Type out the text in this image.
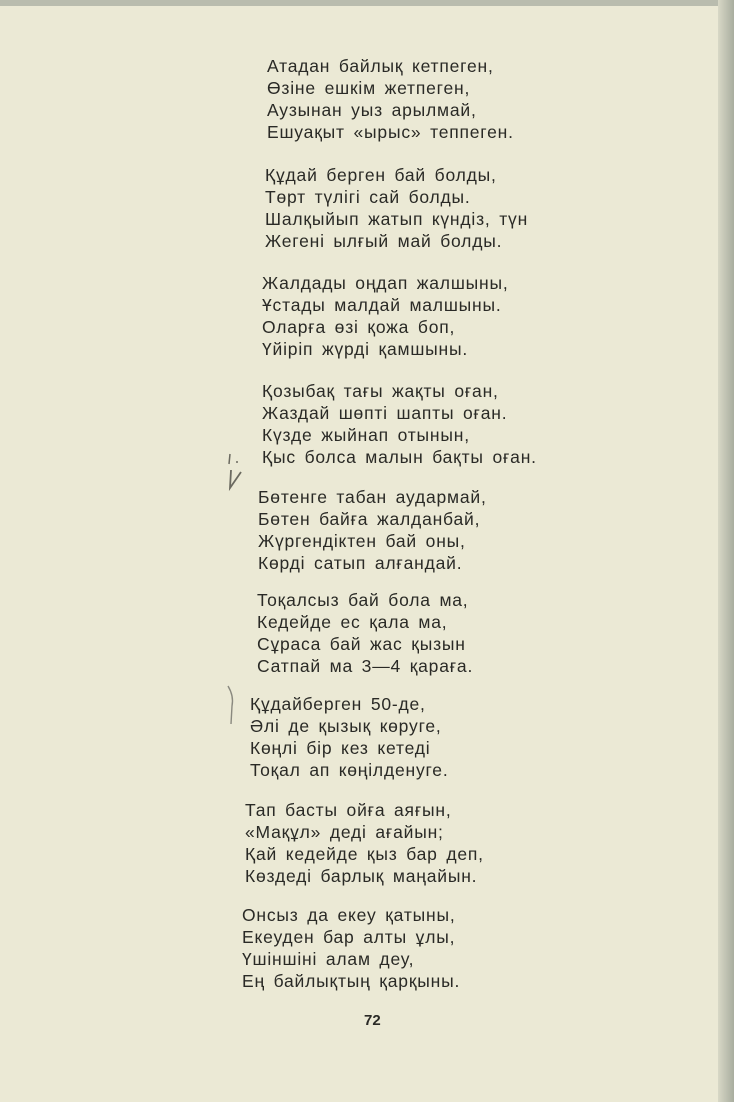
Атадан байлық кетпеген,
Өзіне ешкім жетпеген,
Аузынан уыз арылмай,
Ешуақыт «ырыс» теппеген.
Құдай берген бай болды,
Төрт түлігі сай болды.
Шалқыйып жатып күндіз, түн
Жегені ылғый май болды.
Жалдады оңдап жалшыны,
Ұстады малдай малшыны.
Оларға өзі қожа боп,
Үйіріп жүрді қамшыны.
Қозыбақ тағы жақты оған,
Жаздай шөпті шапты оған.
Күзде жыйнап отынын,
Қыс болса малын бақты оған.
Бөтенге табан аудармай,
Бөтен байға жалданбай,
Жүргендіктен бай оны,
Көрді сатып алғандай.
Тоқалсыз бай бола ма,
Кедейде ес қала ма,
Сұраса бай жас қызын
Сатпай ма 3—4 қараға.
Құдайберген 50-де,
Әлі де қызық көруге,
Көңлі бір кез кетеді
Тоқал ап көңілденуге.
Тап басты ойға аяғын,
«Мақұл» деді ағайын;
Қай кедейде қыз бар деп,
Көздеді барлық маңайын.
Онсыз да екеу қатыны,
Екеуден бар алты ұлы,
Үшіншіні алам деу,
Ең байлықтың қарқыны.
72
